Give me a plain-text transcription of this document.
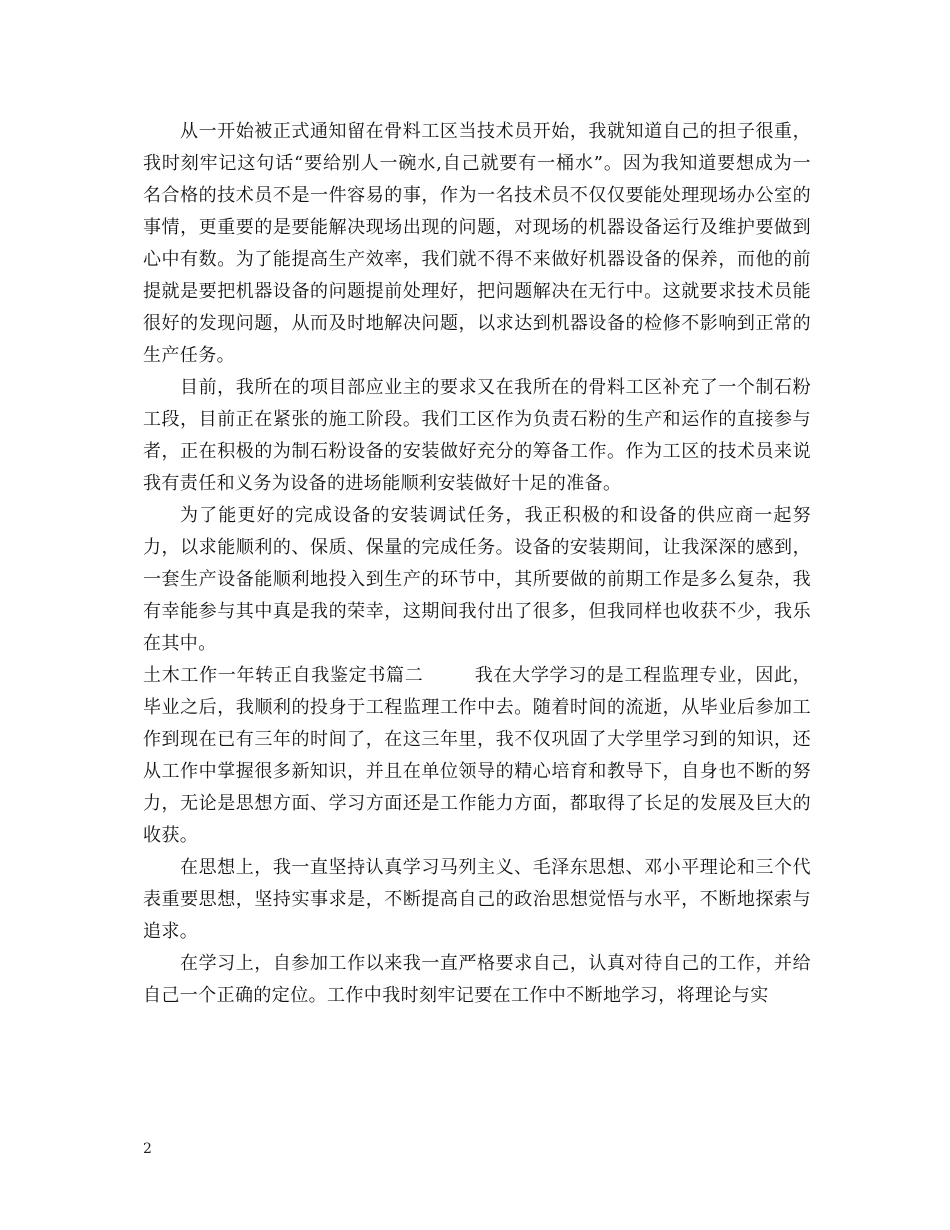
从一开始被正式通知留在骨料工区当技术员开始，我就知道自己的担子很重，我时刻牢记这句话“要给别人一碗水,自己就要有一桶水”。因为我知道要想成为一名合格的技术员不是一件容易的事，作为一名技术员不仅仅要能处理现场办公室的事情，更重要的是要能解决现场出现的问题，对现场的机器设备运行及维护要做到心中有数。为了能提高生产效率，我们就不得不来做好机器设备的保养，而他的前提就是要把机器设备的问题提前处理好，把问题解决在无行中。这就要求技术员能很好的发现问题，从而及时地解决问题，以求达到机器设备的检修不影响到正常的生产任务。

目前，我所在的项目部应业主的要求又在我所在的骨料工区补充了一个制石粉工段，目前正在紧张的施工阶段。我们工区作为负责石粉的生产和运作的直接参与者，正在积极的为制石粉设备的安装做好充分的筹备工作。作为工区的技术员来说我有责任和义务为设备的进场能顺利安装做好十足的准备。

为了能更好的完成设备的安装调试任务，我正积极的和设备的供应商一起努力，以求能顺利的、保质、保量的完成任务。设备的安装期间，让我深深的感到，一套生产设备能顺利地投入到生产的环节中，其所要做的前期工作是多么复杂，我有幸能参与其中真是我的荣幸，这期间我付出了很多，但我同样也收获不少，我乐在其中。

土木工作一年转正自我鉴定书篇二	我在大学学习的是工程监理专业，因此，毕业之后，我顺利的投身于工程监理工作中去。随着时间的流逝，从毕业后参加工作到现在已有三年的时间了，在这三年里，我不仅巩固了大学里学习到的知识，还从工作中掌握很多新知识，并且在单位领导的精心培育和教导下，自身也不断的努力，无论是思想方面、学习方面还是工作能力方面，都取得了长足的发展及巨大的收获。

在思想上，我一直坚持认真学习马列主义、毛泽东思想、邓小平理论和三个代表重要思想，坚持实事求是，不断提高自己的政治思想觉悟与水平，不断地探索与追求。

在学习上，自参加工作以来我一直严格要求自己，认真对待自己的工作，并给自己一个正确的定位。工作中我时刻牢记要在工作中不断地学习，将理论与实

2
